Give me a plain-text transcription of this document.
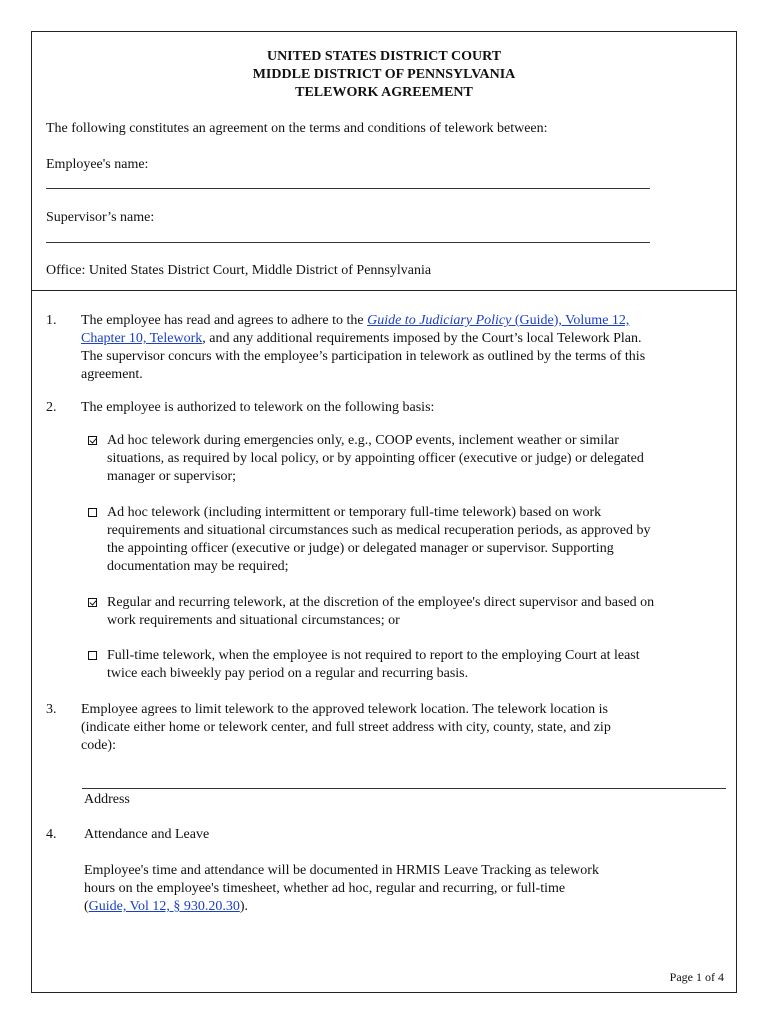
UNITED STATES DISTRICT COURT
MIDDLE DISTRICT OF PENNSYLVANIA
TELEWORK AGREEMENT
The following constitutes an agreement on the terms and conditions of telework between:
Employee's name:
Supervisor’s name:
Office: United States District Court, Middle District of Pennsylvania
1. The employee has read and agrees to adhere to the Guide to Judiciary Policy (Guide), Volume 12,
Chapter 10, Telework, and any additional requirements imposed by the Court’s local Telework Plan.
The supervisor concurs with the employee’s participation in telework as outlined by the terms of this
agreement.
2. The employee is authorized to telework on the following basis:
Ad hoc telework during emergencies only, e.g., COOP events, inclement weather or similar
situations, as required by local policy, or by appointing officer (executive or judge) or delegated
manager or supervisor;
Ad hoc telework (including intermittent or temporary full-time telework) based on work
requirements and situational circumstances such as medical recuperation periods, as approved by
the appointing officer (executive or judge) or delegated manager or supervisor. Supporting
documentation may be required;
Regular and recurring telework, at the discretion of the employee's direct supervisor and based on
work requirements and situational circumstances; or
Full-time telework, when the employee is not required to report to the employing Court at least
twice each biweekly pay period on a regular and recurring basis.
3. Employee agrees to limit telework to the approved telework location. The telework location is
(indicate either home or telework center, and full street address with city, county, state, and zip
code):
Address
4. Attendance and Leave
Employee's time and attendance will be documented in HRMIS Leave Tracking as telework
hours on the employee's timesheet, whether ad hoc, regular and recurring, or full-time
(Guide, Vol 12, § 930.20.30).
Page 1 of 4
